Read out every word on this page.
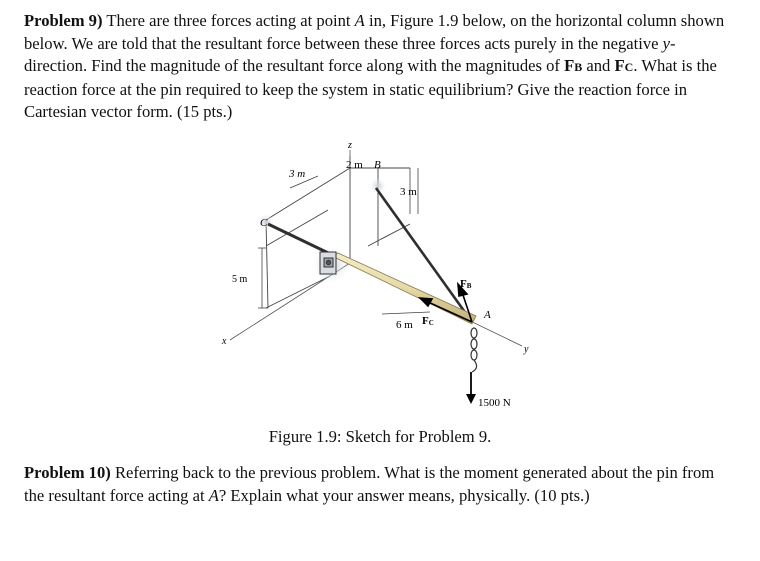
Problem 9) There are three forces acting at point A in, Figure 1.9 below, on the horizontal column shown below. We are told that the resultant force between these three forces acts purely in the negative y-direction. Find the magnitude of the resultant force along with the magnitudes of FB and FC. What is the reaction force at the pin required to keep the system in static equilibrium? Give the reaction force in Cartesian vector form. (15 pts.)
z
x
y
3 m
2 m B
3 m
C
5 m	FB
6 m FC
A
1500 N
Figure 1.9: Sketch for Problem 9.
Problem 10) Referring back to the previous problem. What is the moment generated about the pin from the resultant force acting at A? Explain what your answer means, physically. (10 pts.)
